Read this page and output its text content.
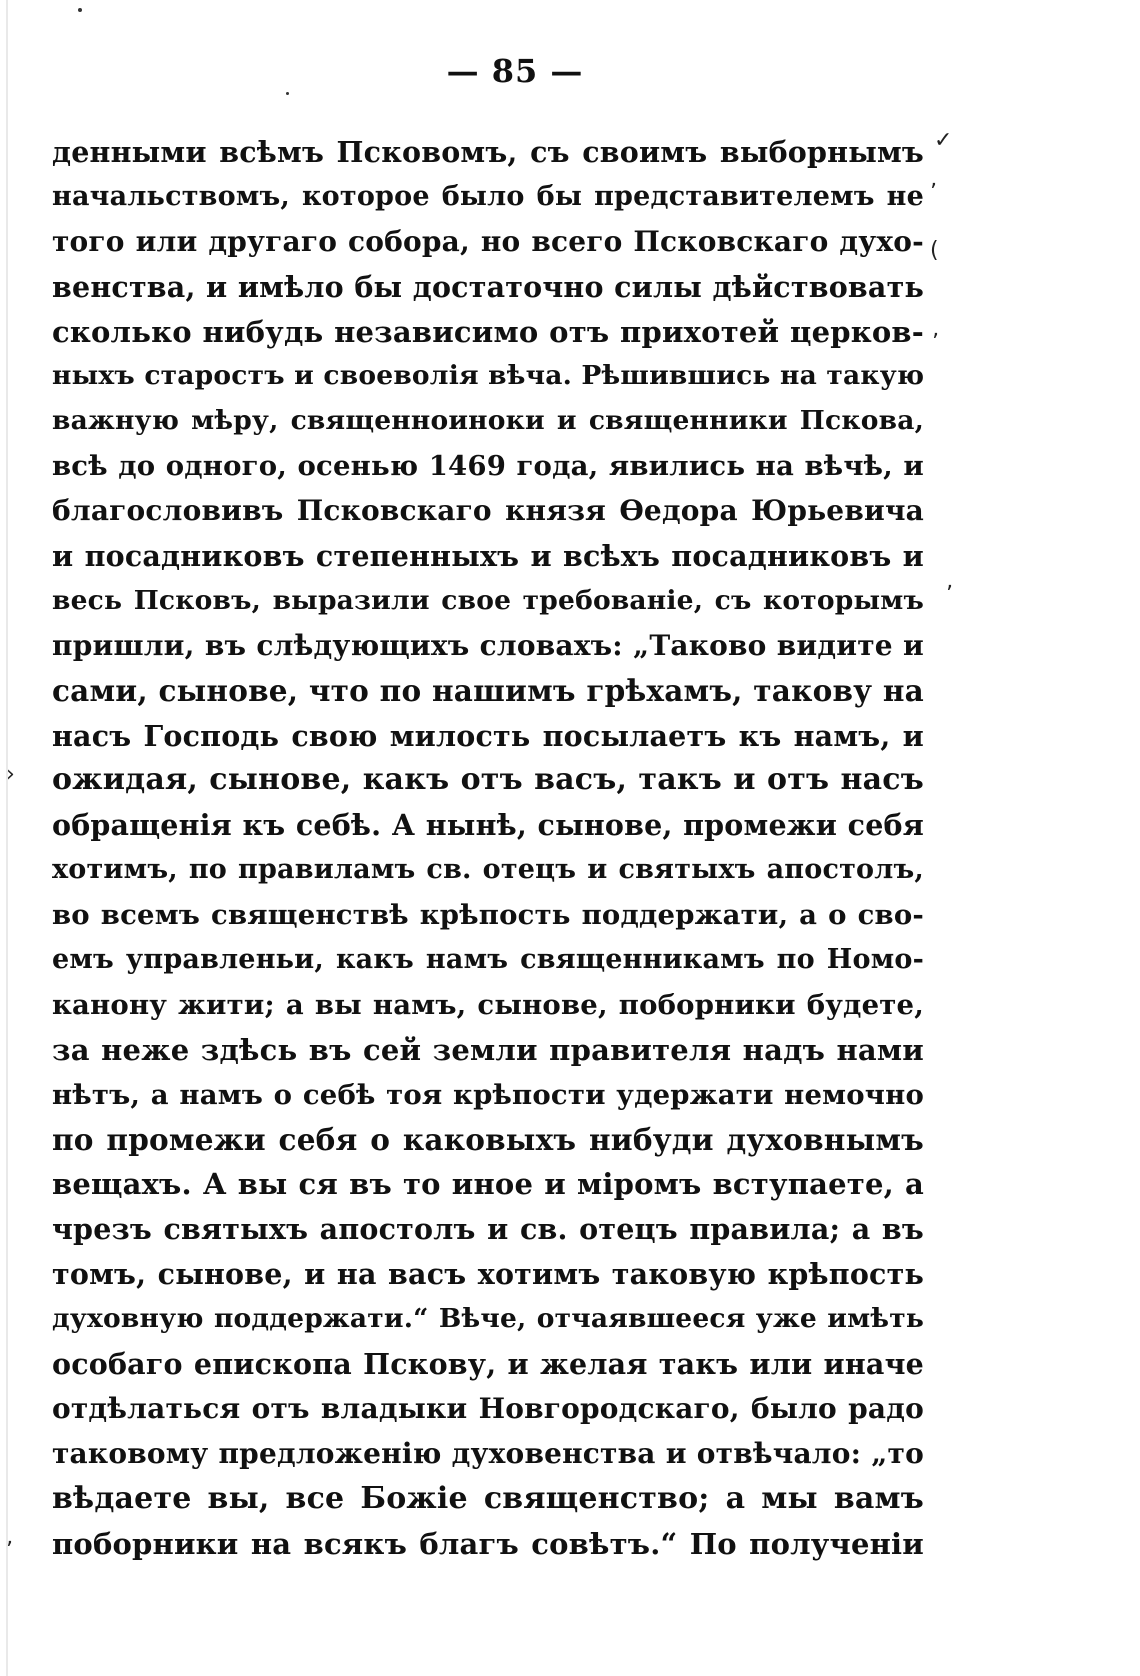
— 85 —
денными всѣмъ Псковомъ, съ своимъ выборнымъ
начальствомъ, которое было бы представителемъ не
того или другаго собора, но всего Псковскаго духо-
венства, и имѣло бы достаточно силы дѣйствовать
сколько нибудь независимо отъ прихотей церков-
ныхъ старостъ и своеволія вѣча. Рѣшившись на такую
важную мѣру, священноиноки и священники Пскова,
всѣ до одного, осенью 1469 года, явились на вѣчѣ, и
благословивъ Псковскаго князя Ѳедора Юрьевича
и посадниковъ степенныхъ и всѣхъ посадниковъ и
весь Псковъ, выразили свое требованіе, съ которымъ
пришли, въ слѣдующихъ словахъ: „Таково видите и
сами, сынове, что по нашимъ грѣхамъ, такову на
насъ Господь свою милость посылаетъ къ намъ, и
ожидая, сынове, какъ отъ васъ, такъ и отъ насъ
обращенія къ себѣ. А нынѣ, сынове, промежи себя
хотимъ, по правиламъ св. отецъ и святыхъ апостолъ,
во всемъ священствѣ крѣпость поддержати, а о сво-
емъ управленьи, какъ намъ священникамъ по Номо-
канону жити; а вы намъ, сынове, поборники будете,
за неже здѣсь въ сей земли правителя надъ нами
нѣтъ, а намъ о себѣ тоя крѣпости удержати немочно
по промежи себя о каковыхъ нибуди духовнымъ
вещахъ. А вы ся въ то иное и міромъ вступаете, а
чрезъ святыхъ апостолъ и св. отецъ правила; а въ
томъ, сынове, и на васъ хотимъ таковую крѣпость
духовную поддержати.“ Вѣче, отчаявшееся уже имѣть
особаго епископа Пскову, и желая такъ или иначе
отдѣлаться отъ владыки Новгородскаго, было радо
таковому предложенію духовенства и отвѣчало: „то
вѣдаете вы, все Божіе священство; а мы вамъ
поборники на всякъ благъ совѣтъ.“ По полученіи
✓
ʼ
(
ʼ
ʼ
›
ʼ
